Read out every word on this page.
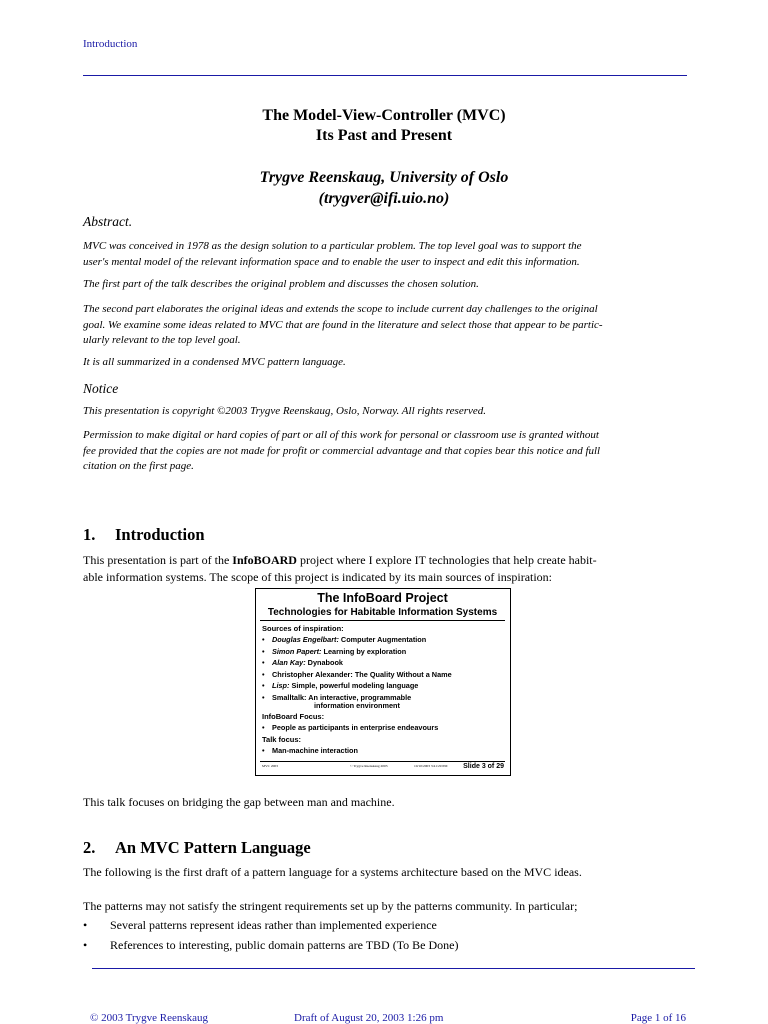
Introduction
The Model-View-Controller (MVC)
Its Past and Present
Trygve Reenskaug, University of Oslo
(trygver@ifi.uio.no)
Abstract.
MVC was conceived in 1978 as the design solution to a particular problem. The top level goal was to support the
user's mental model of the relevant information space and to enable the user to inspect and edit this information.
The first part of the talk describes the original problem and discusses the chosen solution.
The second part elaborates the original ideas and extends the scope to include current day challenges to the original
goal. We examine some ideas related to MVC that are found in the literature and select those that appear to be partic-
ularly relevant to the top level goal.
It is all summarized in a condensed MVC pattern language.
Notice
This presentation is copyright ©2003 Trygve Reenskaug, Oslo, Norway. All rights reserved.
Permission to make digital or hard copies of part or all of this work for personal or classroom use is granted without
fee provided that the copies are not made for profit or commercial advantage and that copies bear this notice and full
citation on the first page.
1. Introduction
This presentation is part of the InfoBOARD project where I explore IT technologies that help create habit-
able information systems. The scope of this project is indicated by its main sources of inspiration:
The InfoBoard Project
Technologies for Habitable Information Systems
Sources of inspiration:
• Douglas Engelbart: Computer Augmentation
• Simon Papert: Learning by exploration
• Alan Kay: Dynabook
• Christopher Alexander: The Quality Without a Name
• Lisp: Simple, powerful modeling language
• Smalltalk: An interactive, programmable
information environment
InfoBoard Focus:
• People as participants in enterprise endeavours
Talk focus:
• Man-machine interaction
MVC 2003	© Trygve Reenskaug 2003	10/10/2003 3:41:29 PM Slide 3 of 29
This talk focuses on bridging the gap between man and machine.
2. An MVC Pattern Language
The following is the first draft of a pattern language for a systems architecture based on the MVC ideas.
The patterns may not satisfy the stringent requirements set up by the patterns community. In particular;
• Several patterns represent ideas rather than implemented experience
• References to interesting, public domain patterns are TBD (To Be Done)
© 2003 Trygve Reenskaug	Draft of August 20, 2003 1:26 pm	Page 1 of 16
